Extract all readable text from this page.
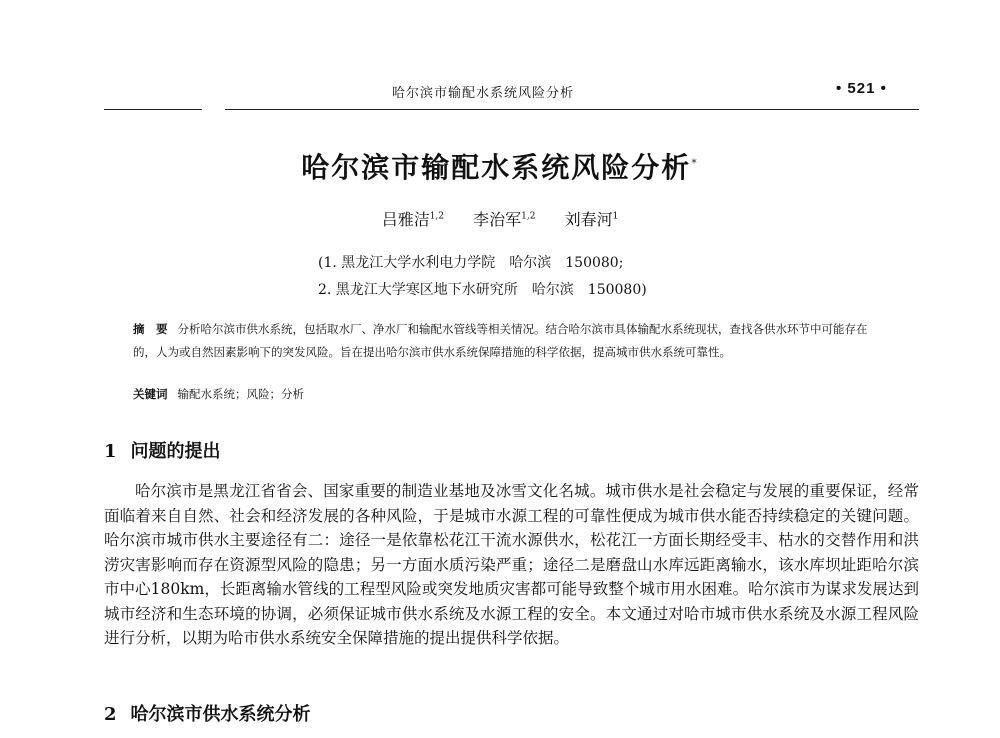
哈尔滨市输配水系统风险分析	• 521 •
哈尔滨市输配水系统风险分析*
吕雅洁$^{1,2}$ 李治军$^{1,2}$ 刘春河$^1$
(1. 黑龙江大学水利电力学院　哈尔滨　150080;
2. 黑龙江大学寒区地下水研究所　哈尔滨　150080)
摘　要 分析哈尔滨市供水系统，包括取水厂、净水厂和输配水管线等相关情况。结合哈尔滨市具体输配水系统现状，查找各供水环节中可能存在的，人为或自然因素影响下的突发风险。旨在提出哈尔滨市供水系统保障措施的科学依据，提高城市供水系统可靠性。
关键词 输配水系统；风险；分析
1 问题的提出
哈尔滨市是黑龙江省省会、国家重要的制造业基地及冰雪文化名城。城市供水是社会稳定与发展的重要保证，经常面临着来自自然、社会和经济发展的各种风险，于是城市水源工程的可靠性便成为城市供水能否持续稳定的关键问题。哈尔滨市城市供水主要途径有二：途径一是依靠松花江干流水源供水，松花江一方面长期经受丰、枯水的交替作用和洪涝灾害影响而存在资源型风险的隐患；另一方面水质污染严重；途径二是磨盘山水库远距离输水，该水库坝址距哈尔滨市中心180km，长距离输水管线的工程型风险或突发地质灾害都可能导致整个城市用水困难。哈尔滨市为谋求发展达到城市经济和生态环境的协调，必须保证城市供水系统及水源工程的安全。本文通过对哈市城市供水系统及水源工程风险进行分析，以期为哈市供水系统安全保障措施的提出提供科学依据。
2 哈尔滨市供水系统分析
